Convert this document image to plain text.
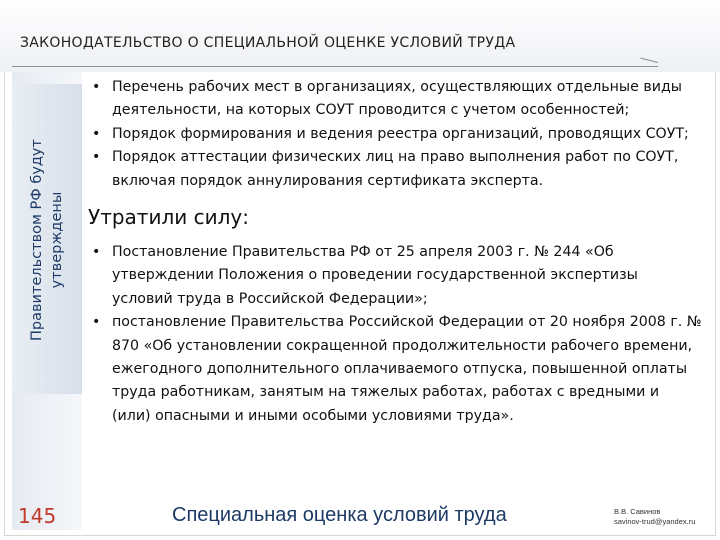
ЗАКОНОДАТЕЛЬСТВО О СПЕЦИАЛЬНОЙ ОЦЕНКЕ УСЛОВИЙ ТРУДА
Правительством РФ будут утверждены
145
• Перечень рабочих мест в организациях, осуществляющих отдельные виды деятельности, на которых СОУТ проводится с учетом особенностей;
• Порядок формирования и ведения реестра организаций, проводящих СОУТ;
• Порядок аттестации физических лиц на право выполнения работ по СОУТ, включая порядок аннулирования сертификата эксперта.
Утратили силу:
• Постановление Правительства РФ от 25 апреля 2003 г. № 244 «Об утверждении Положения о проведении государственной экспертизы условий труда в Российской Федерации»;
• постановление Правительства Российской Федерации от 20 ноября 2008 г. № 870 «Об установлении сокращенной продолжительности рабочего времени, ежегодного дополнительного оплачиваемого отпуска, повышенной оплаты труда работникам, занятым на тяжелых работах, работах с вредными и (или) опасными и иными особыми условиями труда».
Специальная оценка условий труда	В.В. Савинов
savinov-trud@yandex.ru
